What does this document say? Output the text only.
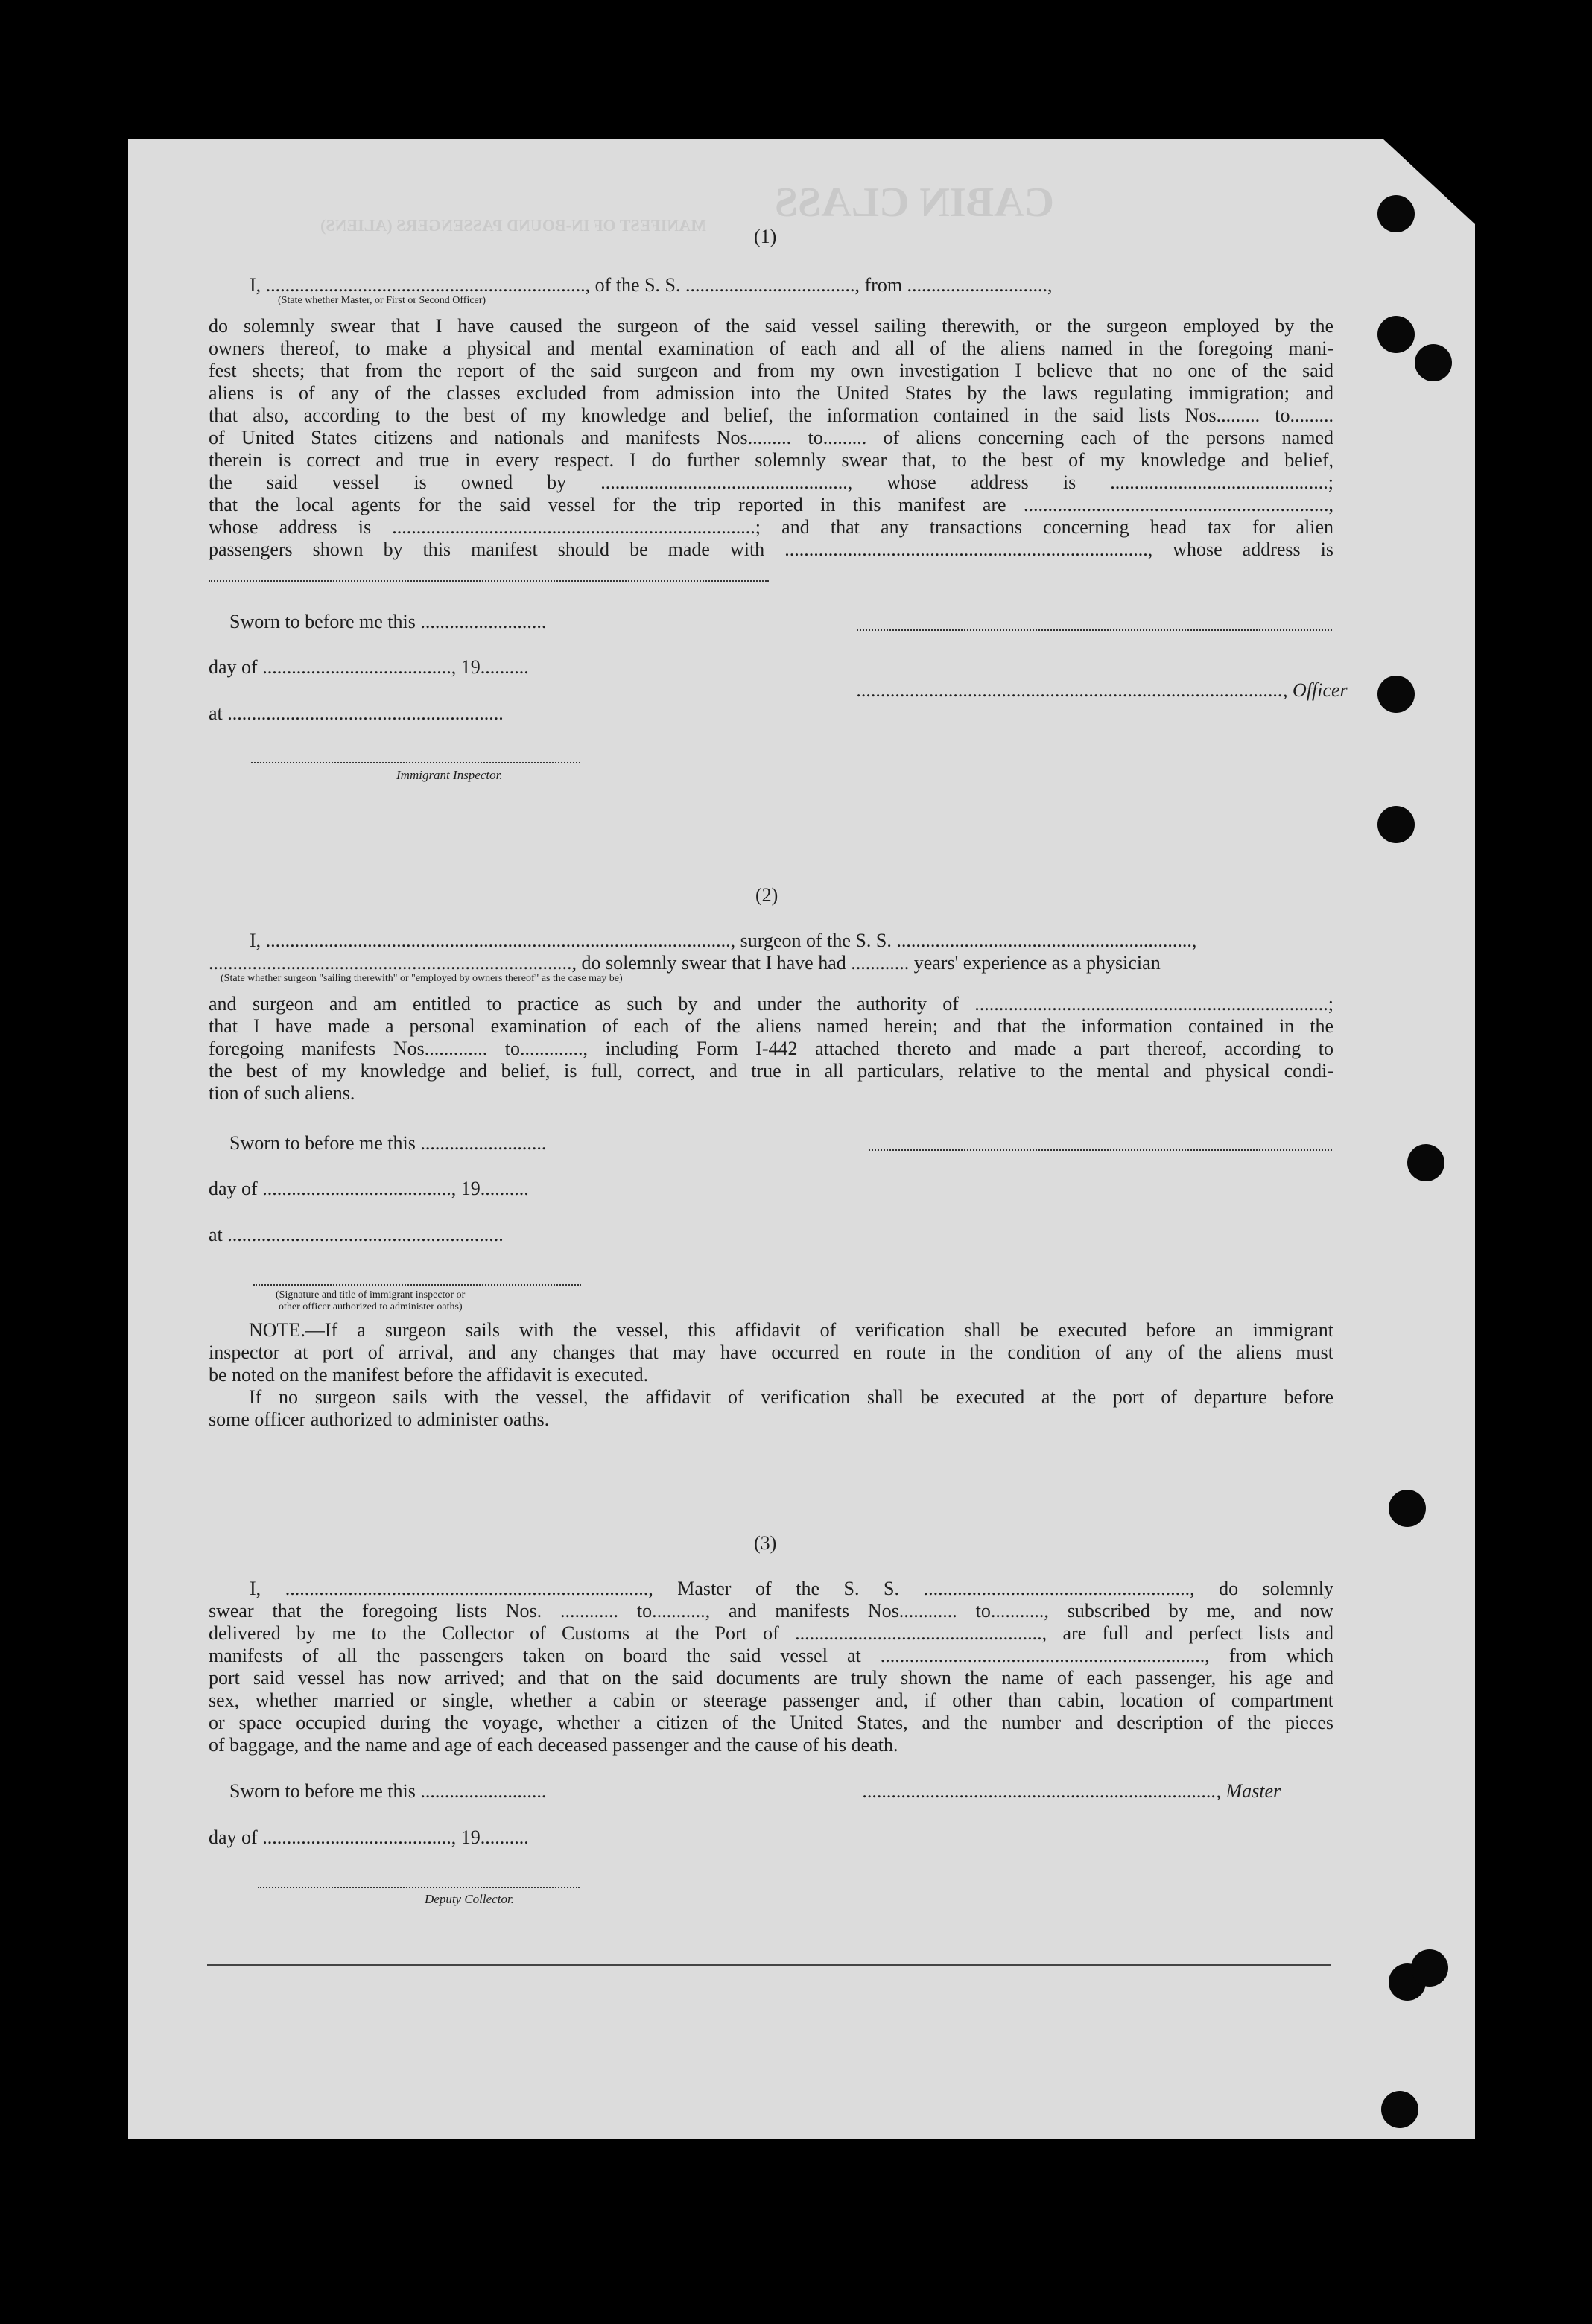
CABIN CLASS
MANIFEST OF IN-BOUND PASSENGERS (ALIENS)
(1)
I, .................................................................., of the S. S. ..................................., from .............................,
(State whether Master, or First or Second Officer)
do solemnly swear that I have caused the surgeon of the said vessel sailing therewith, or the surgeon employed by the
owners thereof, to make a physical and mental examination of each and all of the aliens named in the foregoing mani-
fest sheets; that from the report of the said surgeon and from my own investigation I believe that no one of the said
aliens is of any of the classes excluded from admission into the United States by the laws regulating immigration; and
that also, according to the best of my knowledge and belief, the information contained in the said lists Nos......... to.........
of United States citizens and nationals and manifests Nos......... to......... of aliens concerning each of the persons named
therein is correct and true in every respect. I do further solemnly swear that, to the best of my knowledge and belief,
the said vessel is owned by ..................................................., whose address is .............................................;
that the local agents for the said vessel for the trip reported in this manifest are ...............................................................,
whose address is ...........................................................................; and that any transactions concerning head tax for alien
passengers shown by this manifest should be made with ..........................................................................., whose address is
Sworn to before me this ..........................
day of ......................................., 19..........
........................................................................................, Officer
at .........................................................
Immigrant Inspector.
(2)
I, ................................................................................................, surgeon of the S. S. .............................................................,
..........................................................................., do solemnly swear that I have had ............ years' experience as a physician
(State whether surgeon "sailing therewith" or "employed by owners thereof" as the case may be)
and surgeon and am entitled to practice as such by and under the authority of .........................................................................;
that I have made a personal examination of each of the aliens named herein; and that the information contained in the
foregoing manifests Nos............. to............., including Form I-442 attached thereto and made a part thereof, according to
the best of my knowledge and belief, is full, correct, and true in all particulars, relative to the mental and physical condi-
tion of such aliens.
Sworn to before me this ..........................
day of ......................................., 19..........
at .........................................................
(Signature and title of immigrant inspector or
other officer authorized to administer oaths)
NOTE.—If a surgeon sails with the vessel, this affidavit of verification shall be executed before an immigrant
inspector at port of arrival, and any changes that may have occurred en route in the condition of any of the aliens must
be noted on the manifest before the affidavit is executed.
If no surgeon sails with the vessel, the affidavit of verification shall be executed at the port of departure before
some officer authorized to administer oaths.
(3)
I, ..........................................................................., Master of the S. S. ......................................................., do solemnly
swear that the foregoing lists Nos. ............ to..........., and manifests Nos............ to..........., subscribed by me, and now
delivered by me to the Collector of Customs at the Port of ..................................................., are full and perfect lists and
manifests of all the passengers taken on board the said vessel at ..................................................................., from which
port said vessel has now arrived; and that on the said documents are truly shown the name of each passenger, his age and
sex, whether married or single, whether a cabin or steerage passenger and, if other than cabin, location of compartment
or space occupied during the voyage, whether a citizen of the United States, and the number and description of the pieces
of baggage, and the name and age of each deceased passenger and the cause of his death.
Sworn to before me this ..........................	........................................................................., Master
day of ......................................., 19..........
Deputy Collector.
